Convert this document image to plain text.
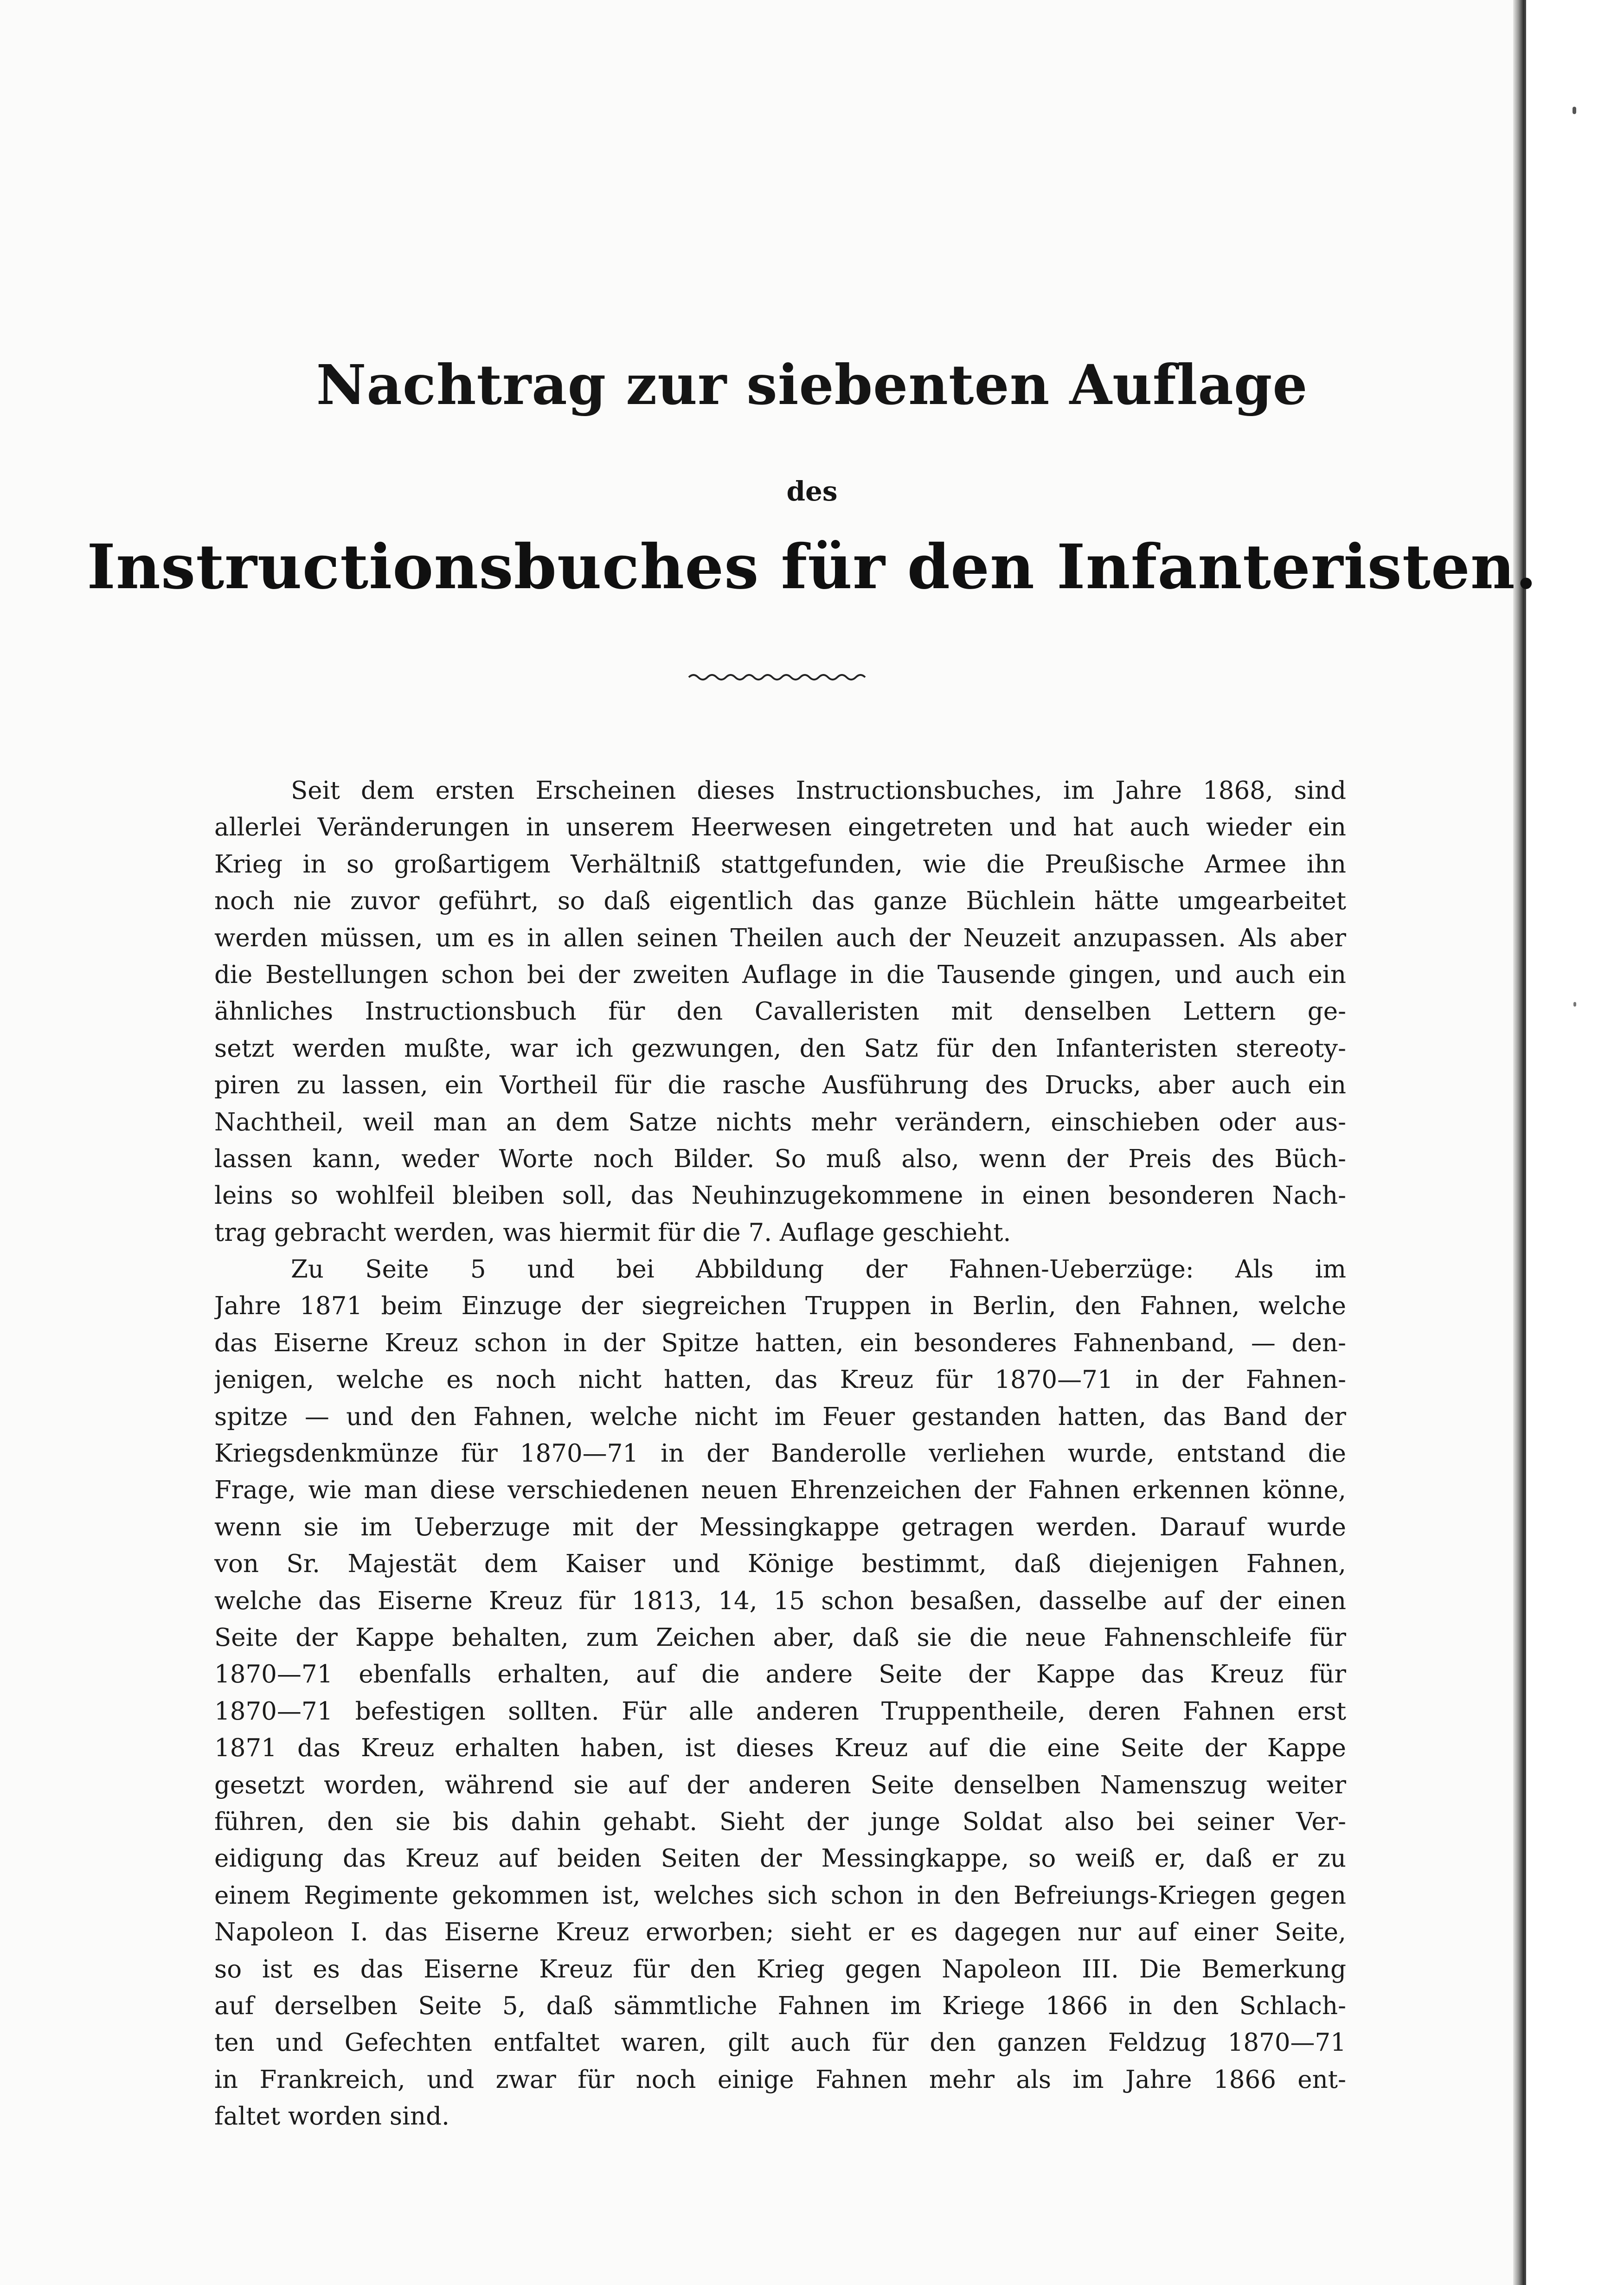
Nachtrag zur siebenten Auflage
des
Instructionsbuches für den Infanteristen.
Seit dem ersten Erscheinen dieses Instructionsbuches, im Jahre 1868, sind
allerlei Veränderungen in unserem Heerwesen eingetreten und hat auch wieder ein
Krieg in so großartigem Verhältniß stattgefunden, wie die Preußische Armee ihn
noch nie zuvor geführt, so daß eigentlich das ganze Büchlein hätte umgearbeitet
werden müssen, um es in allen seinen Theilen auch der Neuzeit anzupassen. Als aber
die Bestellungen schon bei der zweiten Auflage in die Tausende gingen, und auch ein
ähnliches Instructionsbuch für den Cavalleristen mit denselben Lettern ge-
setzt werden mußte, war ich gezwungen, den Satz für den Infanteristen stereoty-
piren zu lassen, ein Vortheil für die rasche Ausführung des Drucks, aber auch ein
Nachtheil, weil man an dem Satze nichts mehr verändern, einschieben oder aus-
lassen kann, weder Worte noch Bilder. So muß also, wenn der Preis des Büch-
leins so wohlfeil bleiben soll, das Neuhinzugekommene in einen besonderen Nach-
trag gebracht werden, was hiermit für die 7. Auflage geschieht.
Zu Seite 5 und bei Abbildung der Fahnen-Ueberzüge: Als im
Jahre 1871 beim Einzuge der siegreichen Truppen in Berlin, den Fahnen, welche
das Eiserne Kreuz schon in der Spitze hatten, ein besonderes Fahnenband, — den-
jenigen, welche es noch nicht hatten, das Kreuz für 1870—71 in der Fahnen-
spitze — und den Fahnen, welche nicht im Feuer gestanden hatten, das Band der
Kriegsdenkmünze für 1870—71 in der Banderolle verliehen wurde, entstand die
Frage, wie man diese verschiedenen neuen Ehrenzeichen der Fahnen erkennen könne,
wenn sie im Ueberzuge mit der Messingkappe getragen werden. Darauf wurde
von Sr. Majestät dem Kaiser und Könige bestimmt, daß diejenigen Fahnen,
welche das Eiserne Kreuz für 1813, 14, 15 schon besaßen, dasselbe auf der einen
Seite der Kappe behalten, zum Zeichen aber, daß sie die neue Fahnenschleife für
1870—71 ebenfalls erhalten, auf die andere Seite der Kappe das Kreuz für
1870—71 befestigen sollten. Für alle anderen Truppentheile, deren Fahnen erst
1871 das Kreuz erhalten haben, ist dieses Kreuz auf die eine Seite der Kappe
gesetzt worden, während sie auf der anderen Seite denselben Namenszug weiter
führen, den sie bis dahin gehabt. Sieht der junge Soldat also bei seiner Ver-
eidigung das Kreuz auf beiden Seiten der Messingkappe, so weiß er, daß er zu
einem Regimente gekommen ist, welches sich schon in den Befreiungs-Kriegen gegen
Napoleon I. das Eiserne Kreuz erworben; sieht er es dagegen nur auf einer Seite,
so ist es das Eiserne Kreuz für den Krieg gegen Napoleon III. Die Bemerkung
auf derselben Seite 5, daß sämmtliche Fahnen im Kriege 1866 in den Schlach-
ten und Gefechten entfaltet waren, gilt auch für den ganzen Feldzug 1870—71
in Frankreich, und zwar für noch einige Fahnen mehr als im Jahre 1866 ent-
faltet worden sind.
